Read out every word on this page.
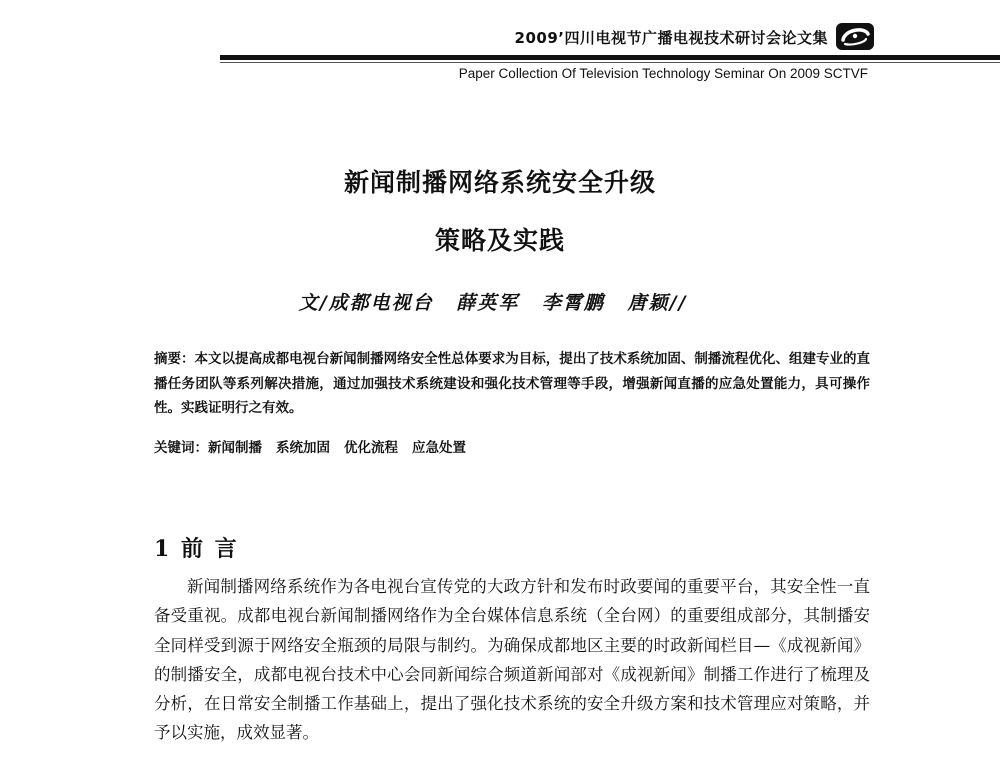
2009’四川电视节广播电视技术研讨会论文集
Paper Collection Of Television Technology Seminar On 2009 SCTVF
新闻制播网络系统安全升级
策略及实践
文/成都电视台 薛英军 李霄鹏 唐颖//
摘要：本文以提高成都电视台新闻制播网络安全性总体要求为目标，提出了技术系统加固、制播流程优化、组建专业的直播任务团队等系列解决措施，通过加强技术系统建设和强化技术管理等手段，增强新闻直播的应急处置能力，具可操作性。实践证明行之有效。
关键词：新闻制播 系统加固 优化流程 应急处置
1 前 言

新闻制播网络系统作为各电视台宣传党的大政方针和发布时政要闻的重要平台，其安全性一直备受重视。成都电视台新闻制播网络作为全台媒体信息系统（全台网）的重要组成部分，其制播安全同样受到源于网络安全瓶颈的局限与制约。为确保成都地区主要的时政新闻栏目—《成视新闻》的制播安全，成都电视台技术中心会同新闻综合频道新闻部对《成视新闻》制播工作进行了梳理及分析，在日常安全制播工作基础上，提出了强化技术系统的安全升级方案和技术管理应对策略，并予以实施，成效显著。
